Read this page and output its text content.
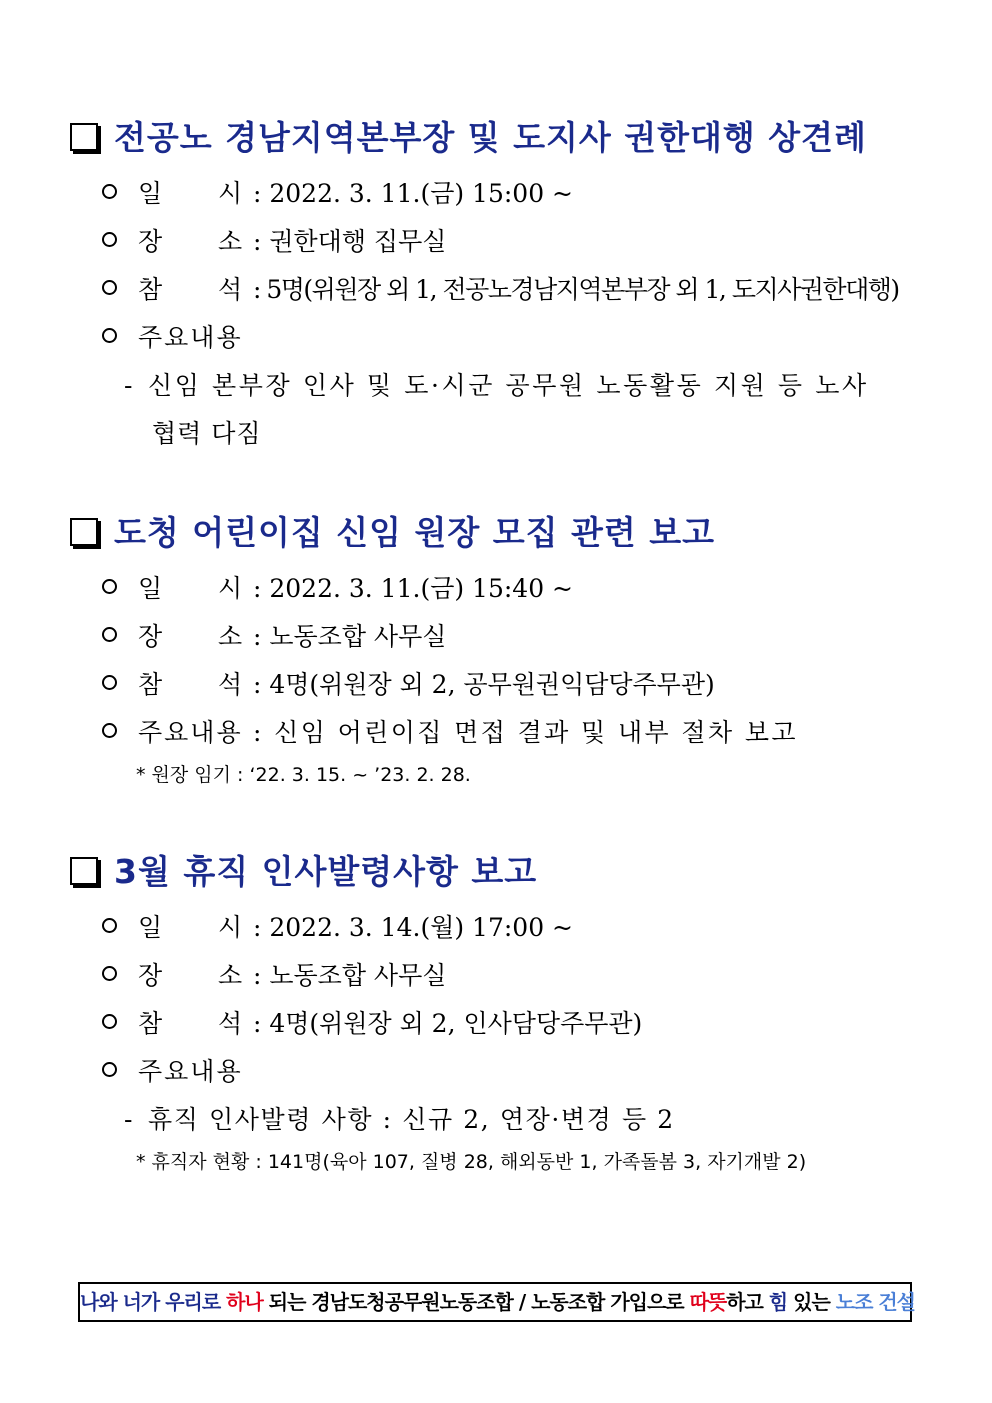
전공노 경남지역본부장 및 도지사 권한대행 상견례
일 시 : 2022. 3. 11.(금) 15:00 ~
장 소 : 권한대행 집무실
참 석 : 5명(위원장 외 1, 전공노경남지역본부장 외 1, 도지사권한대행)
주요내용
- 신임 본부장 인사 및 도·시군 공무원 노동활동 지원 등 노사
협력 다짐
도청 어린이집 신임 원장 모집 관련 보고
일 시 : 2022. 3. 11.(금) 15:40 ~
장 소 : 노동조합 사무실
참 석 : 4명(위원장 외 2, 공무원권익담당주무관)
주요내용 : 신임 어린이집 면접 결과 및 내부 절차 보고
* 원장 임기 : ‘22. 3. 15. ~ ’23. 2. 28.
3월 휴직 인사발령사항 보고
일 시 : 2022. 3. 14.(월) 17:00 ~
장 소 : 노동조합 사무실
참 석 : 4명(위원장 외 2, 인사담당주무관)
주요내용
- 휴직 인사발령 사항 : 신규 2, 연장·변경 등 2
* 휴직자 현황 : 141명(육아 107, 질병 28, 해외동반 1, 가족돌봄 3, 자기개발 2)
나와 너가 우리로 하나 되는 경남도청공무원노동조합 / 노동조합 가입으로 따뜻하고 힘 있는 노조 건설
